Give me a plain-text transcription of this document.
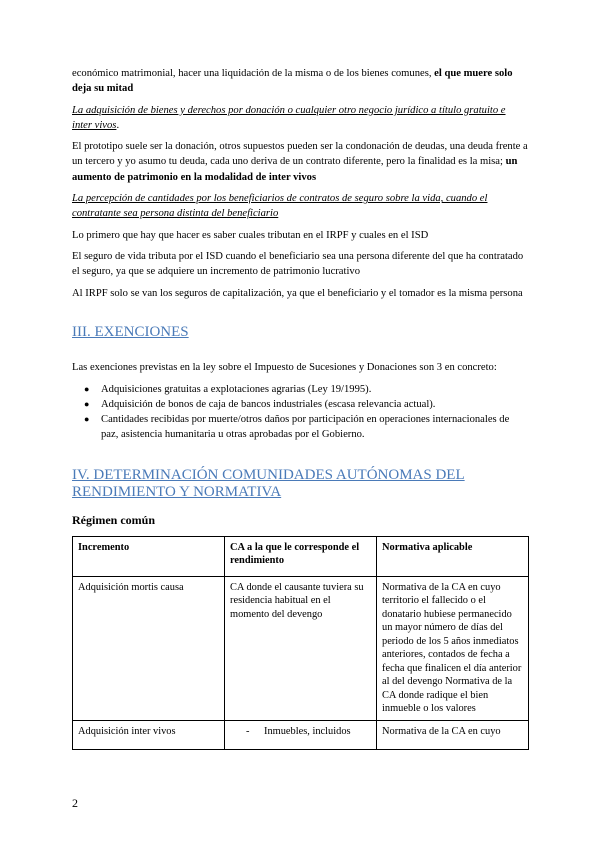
económico matrimonial, hacer una liquidación de la misma o de los bienes comunes, el que muere solo deja su mitad

La adquisición de bienes y derechos por donación o cualquier otro negocio jurídico a título gratuito e inter vivos.

El prototipo suele ser la donación, otros supuestos pueden ser la condonación de deudas, una deuda frente a un tercero y yo asumo tu deuda, cada uno deriva de un contrato diferente, pero la finalidad es la misa; un aumento de patrimonio en la modalidad de inter vivos

La percepción de cantidades por los beneficiarios de contratos de seguro sobre la vida, cuando el contratante sea persona distinta del beneficiario

Lo primero que hay que hacer es saber cuales tributan en el IRPF y cuales en el ISD

El seguro de vida tributa por el ISD cuando el beneficiario sea una persona diferente del que ha contratado el seguro, ya que se adquiere un incremento de patrimonio lucrativo

Al IRPF solo se van los seguros de capitalización, ya que el beneficiario y el tomador es la misma persona

III. EXENCIONES

Las exenciones previstas en la ley sobre el Impuesto de Sucesiones y Donaciones son 3 en concreto:

● Adquisiciones gratuitas a explotaciones agrarias (Ley 19/1995).
● Adquisición de bonos de caja de bancos industriales (escasa relevancia actual).
● Cantidades recibidas por muerte/otros daños por participación en operaciones internacionales de paz, asistencia humanitaria u otras aprobadas por el Gobierno.
IV. DETERMINACIÓN COMUNIDADES AUTÓNOMAS DEL RENDIMIENTO Y NORMATIVA
Régimen común
Incremento	CA a la que le corresponde el rendimiento	Normativa aplicable
Adquisición mortis causa	CA donde el causante tuviera su residencia habitual en el momento del devengo	Normativa de la CA en cuyo territorio el fallecido o el donatario hubiese permanecido un mayor número de días del periodo de los 5 años inmediatos anteriores, contados de fecha a fecha que finalicen el día anterior al del devengo Normativa de la CA donde radique el bien inmueble o los valores
Adquisición inter vivos	- Inmuebles, incluidos	Normativa de la CA en cuyo
2
